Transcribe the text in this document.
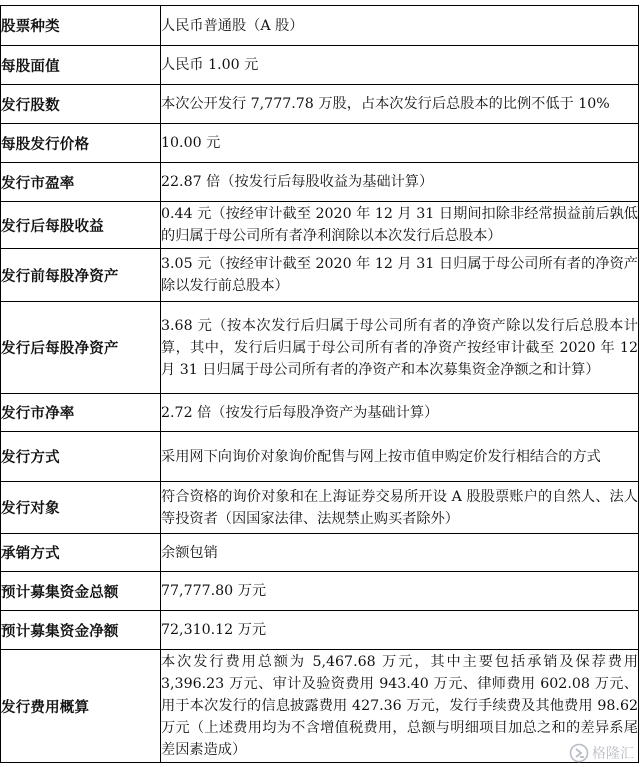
股票种类	人民币普通股（A 股）
每股面值	人民币 1.00 元
发行股数	本次公开发行 7,777.78 万股，占本次发行后总股本的比例不低于 10%
每股发行价格	10.00 元
发行市盈率	22.87 倍（按发行后每股收益为基础计算）
发行后每股收益	0.44 元（按经审计截至 2020 年 12 月 31 日期间扣除非经常损益前后孰低的归属于母公司所有者净利润除以本次发行后总股本）
发行前每股净资产	3.05 元（按经审计截至 2020 年 12 月 31 日归属于母公司所有者的净资产除以发行前总股本）
发行后每股净资产	3.68 元（按本次发行后归属于母公司所有者的净资产除以发行后总股本计算，其中，发行后归属于母公司所有者的净资产按经审计截至 2020 年 12 月 31 日归属于母公司所有者的净资产和本次募集资金净额之和计算）
发行市净率	2.72 倍（按发行后每股净资产为基础计算）
发行方式	采用网下向询价对象询价配售与网上按市值申购定价发行相结合的方式
发行对象	符合资格的询价对象和在上海证券交易所开设 A 股股票账户的自然人、法人等投资者（因国家法律、法规禁止购买者除外）
承销方式	余额包销
预计募集资金总额	77,777.80 万元
预计募集资金净额	72,310.12 万元
发行费用概算	本次发行费用总额为 5,467.68 万元，其中主要包括承销及保荐费用 3,396.23 万元、审计及验资费用 943.40 万元、律师费用 602.08 万元、用于本次发行的信息披露费用 427.36 万元，发行手续费及其他费用 98.62 万元（上述费用均为不含增值税费用，总额与明细项目加总之和的差异系尾差因素造成）	格隆汇
